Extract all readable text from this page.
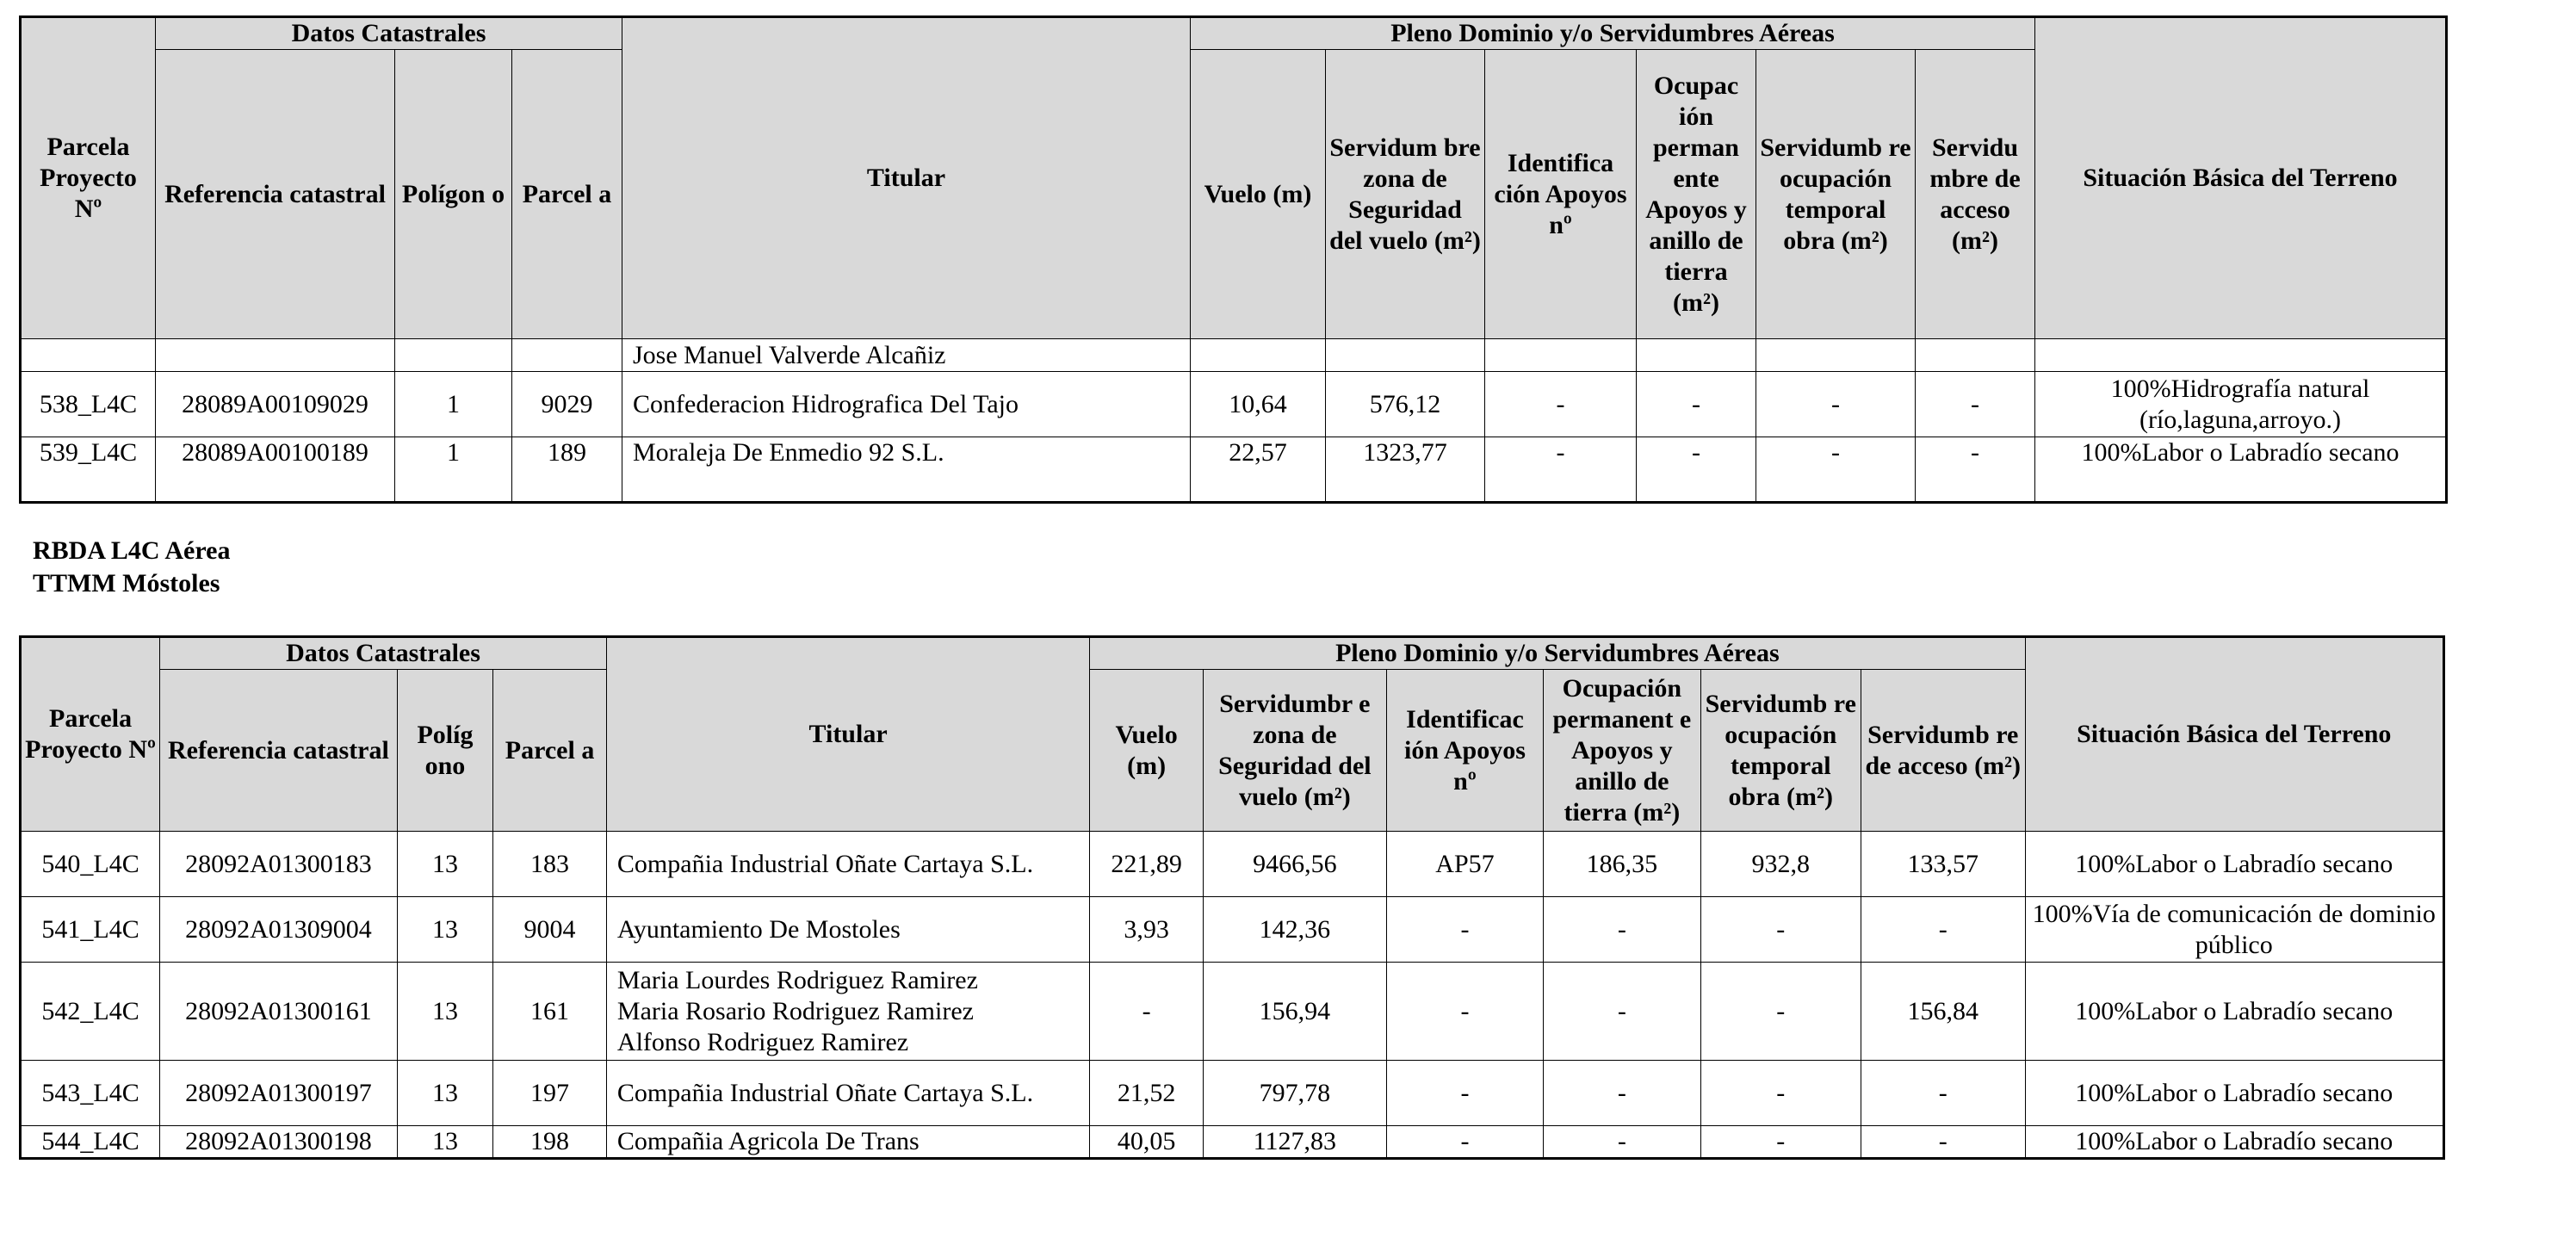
Parcela Proyecto Nº	Datos Catastrales			Titular	Pleno Dominio y/o Servidumbres Aéreas						Situación Básica del Terreno
	Referencia catastral	Polígon o	Parcel a		Vuelo (m)	Servidum bre zona de Seguridad del vuelo (m²)	Identifica ción Apoyos nº	Ocupac ión perman ente Apoyos y anillo de tierra (m²)	Servidumb re ocupación temporal obra (m²)	Servidu mbre de acceso (m²)	
				Jose Manuel Valverde Alcañiz							
538_L4C	28089A00109029	1	9029	Confederacion Hidrografica Del Tajo	10,64	576,12	-	-	-	-	100%Hidrografía natural (río,laguna,arroyo.)
539_L4C	28089A00100189	1	189	Moraleja De Enmedio 92 S.L.	22,57	1323,77	-	-	-	-	100%Labor o Labradío secano
RBDA L4C Aérea
TTMM Móstoles
Parcela Proyecto Nº	Datos Catastrales			Titular	Pleno Dominio y/o Servidumbres Aéreas						Situación Básica del Terreno
	Referencia catastral	Políg ono	Parcel a		Vuelo (m)	Servidumbr e zona de Seguridad del vuelo (m²)	Identificac ión Apoyos nº	Ocupación permanent e Apoyos y anillo de tierra (m²)	Servidumb re ocupación temporal obra (m²)	Servidumb re de acceso (m²)	
540_L4C	28092A01300183	13	183	Compañia Industrial Oñate Cartaya S.L.	221,89	9466,56	AP57	186,35	932,8	133,57	100%Labor o Labradío secano
541_L4C	28092A01309004	13	9004	Ayuntamiento De Mostoles	3,93	142,36	-	-	-	-	100%Vía de comunicación de dominio público
542_L4C	28092A01300161	13	161	Maria Lourdes Rodriguez Ramirez
Maria Rosario Rodriguez Ramirez
Alfonso Rodriguez Ramirez	-	156,94	-	-	-	156,84	100%Labor o Labradío secano
543_L4C	28092A01300197	13	197	Compañia Industrial Oñate Cartaya S.L.	21,52	797,78	-	-	-	-	100%Labor o Labradío secano
544_L4C	28092A01300198	13	198	Compañia Agricola De Trans	40,05	1127,83	-	-	-	-	100%Labor o Labradío secano
